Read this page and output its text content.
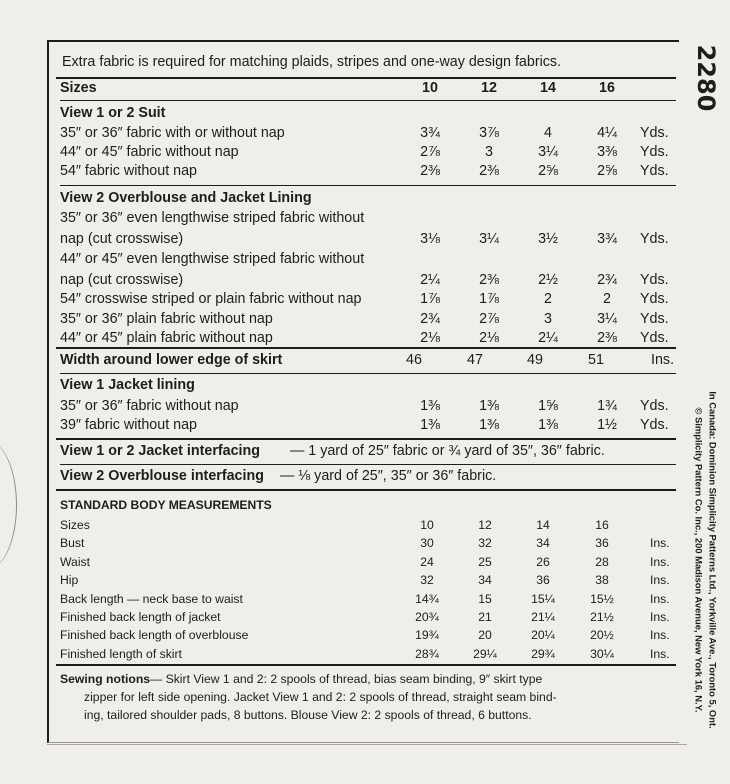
2280
© Simplicity Pattern Co. Inc., 200 Madison Avenue, New York 16, N.Y. In Canada: Dominion Simplicity Patterns Ltd., Yorkville Ave., Toronto 5, Ont.
Extra fabric is required for matching plaids, stripes and one-way design fabrics.
Sizes	10	12	14	16
View 1 or 2 Suit
35″ or 36″ fabric with or without nap	3¾	3⅞	4	4¼	Yds.
44″ or 45″ fabric without nap	2⅞	3	3¼	3⅜	Yds.
54″ fabric without nap	2⅜	2⅜	2⅝	2⅝	Yds.
View 2 Overblouse and Jacket Lining
35″ or 36″ even lengthwise striped fabric without
nap (cut crosswise)	3⅛	3¼	3½	3¾	Yds.
44″ or 45″ even lengthwise striped fabric without
nap (cut crosswise)	2¼	2⅜	2½	2¾	Yds.
54″ crosswise striped or plain fabric without nap	1⅞	1⅞	2	2	Yds.
35″ or 36″ plain fabric without nap	2¾	2⅞	3	3¼	Yds.
44″ or 45″ plain fabric without nap	2⅛	2⅛	2¼	2⅜	Yds.
Width around lower edge of skirt	46	47	49	51	Ins.
View 1 Jacket lining
35″ or 36″ fabric without nap	1⅜	1⅜	1⅝	1¾	Yds.
39″ fabric without nap	1⅜	1⅜	1⅜	1½	Yds.
View 1 or 2 Jacket interfacing — 1 yard of 25″ fabric or ¾ yard of 35″, 36″ fabric.
View 2 Overblouse interfacing — ⅛ yard of 25″, 35″ or 36″ fabric.
STANDARD BODY MEASUREMENTS
Sizes	10	12	14	16
Bust	30	32	34	36	Ins.
Waist	24	25	26	28	Ins.
Hip	32	34	36	38	Ins.
Back length — neck base to waist	14¾	15	15¼	15½	Ins.
Finished back length of jacket	20¾	21	21¼	21½	Ins.
Finished back length of overblouse	19¾	20	20¼	20½	Ins.
Finished length of skirt	28¾	29¼	29¾	30¼	Ins.
Sewing notions — Skirt View 1 and 2: 2 spools of thread, bias seam binding, 9″ skirt type
zipper for left side opening. Jacket View 1 and 2: 2 spools of thread, straight seam bind-
ing, tailored shoulder pads, 8 buttons. Blouse View 2: 2 spools of thread, 6 buttons.
